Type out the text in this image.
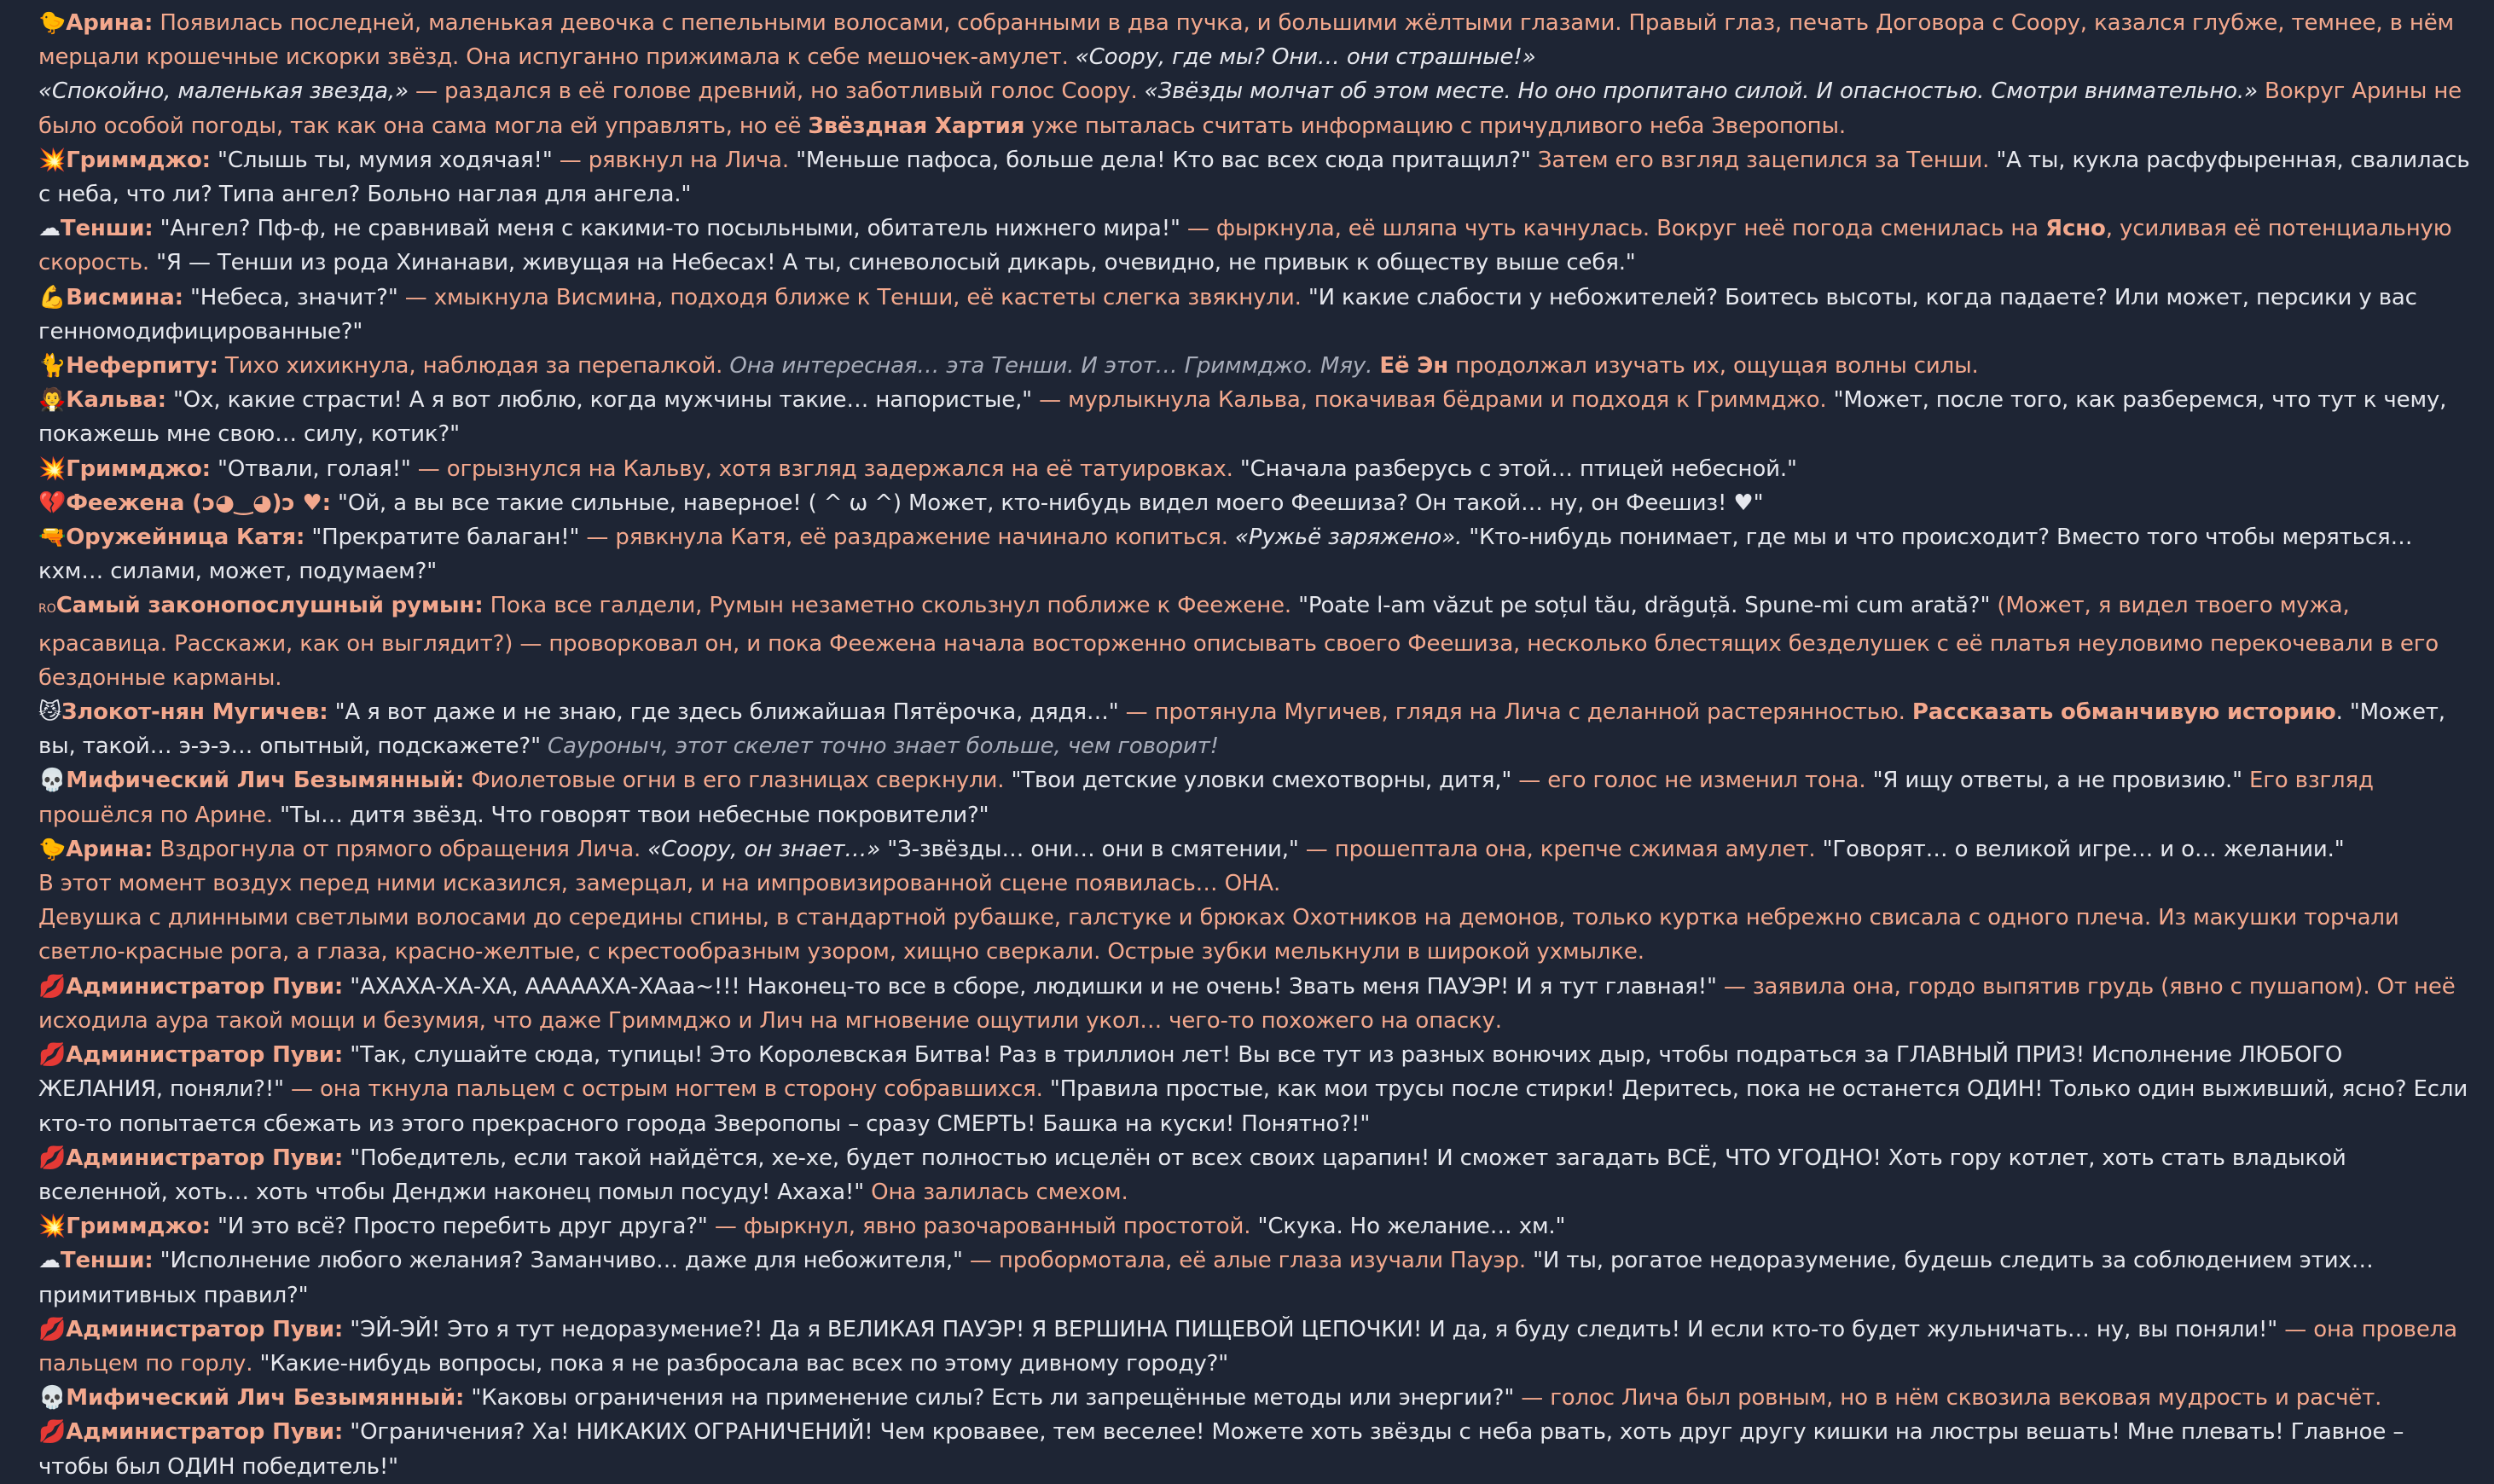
🐤Арина: Появилась последней, маленькая девочка с пепельными волосами, собранными в два пучка, и большими жёлтыми глазами. Правый глаз, печать Договора с Соору, казался глубже, темнее, в нём мерцали крошечные искорки звёзд. Она испуганно прижимала к себе мешочек-амулет. «Соору, где мы? Они… они страшные!»

«Спокойно, маленькая звезда,» — раздался в её голове древний, но заботливый голос Соору. «Звёзды молчат об этом месте. Но оно пропитано силой. И опасностью. Смотри внимательно.» Вокруг Арины не было особой погоды, так как она сама могла ей управлять, но её Звёздная Хартия уже пыталась считать информацию с причудливого неба Зверопопы.

💥Гриммджо: "Слышь ты, мумия ходячая!" — рявкнул на Лича. "Меньше пафоса, больше дела! Кто вас всех сюда притащил?" Затем его взгляд зацепился за Тенши. "А ты, кукла расфуфыренная, свалилась с неба, что ли? Типа ангел? Больно наглая для ангела."

☁Тенши: "Ангел? Пф-ф, не сравнивай меня с какими-то посыльными, обитатель нижнего мира!" — фыркнула, её шляпа чуть качнулась. Вокруг неё погода сменилась на Ясно, усиливая её потенциальную скорость. "Я — Тенши из рода Хинанави, живущая на Небесах! А ты, синеволосый дикарь, очевидно, не привык к обществу выше себя."

💪Висмина: "Небеса, значит?" — хмыкнула Висмина, подходя ближе к Тенши, её кастеты слегка звякнули. "И какие слабости у небожителей? Боитесь высоты, когда падаете? Или может, персики у вас генномодифицированные?"

🐈Неферпиту: Тихо хихикнула, наблюдая за перепалкой. Она интересная… эта Тенши. И этот… Гриммджо. Мяу. Её Эн продолжал изучать их, ощущая волны силы.

🧛Кальва: "Ох, какие страсти! А я вот люблю, когда мужчины такие… напористые," — мурлыкнула Кальва, покачивая бёдрами и подходя к Гриммджо. "Может, после того, как разберемся, что тут к чему, покажешь мне свою… силу, котик?"

💥Гриммджо: "Отвали, голая!" — огрызнулся на Кальву, хотя взгляд задержался на её татуировках. "Сначала разберусь с этой… птицей небесной."

💔Феежена (ↄ◕‿◕)ↄ ♥: "Ой, а вы все такие сильные, наверное! ( ^ ω ^) Может, кто-нибудь видел моего Феешиза? Он такой… ну, он Феешиз! ♥"

🔫Оружейница Катя: "Прекратите балаган!" — рявкнула Катя, её раздражение начинало копиться. «Ружьё заряжено». "Кто-нибудь понимает, где мы и что происходит? Вместо того чтобы меряться… кхм… силами, может, подумаем?"

ROСамый законопослушный румын: Пока все галдели, Румын незаметно скользнул поближе к Феежене. "Poate l-am văzut pe soțul tău, drăguță. Spune-mi cum arată?" (Может, я видел твоего мужа, красавица. Расскажи, как он выглядит?) — проворковал он, и пока Феежена начала восторженно описывать своего Феешиза, несколько блестящих безделушек с её платья неуловимо перекочевали в его бездонные карманы.

😼Злокот-нян Мугичев: "А я вот даже и не знаю, где здесь ближайшая Пятёрочка, дядя…" — протянула Мугичев, глядя на Лича с деланной растерянностью. Рассказать обманчивую историю. "Может, вы, такой… э-э-э… опытный, подскажете?" Сауроныч, этот скелет точно знает больше, чем говорит!

💀Мифический Лич Безымянный: Фиолетовые огни в его глазницах сверкнули. "Твои детские уловки смехотворны, дитя," — его голос не изменил тона. "Я ищу ответы, а не провизию." Его взгляд прошёлся по Арине. "Ты… дитя звёзд. Что говорят твои небесные покровители?"

🐤Арина: Вздрогнула от прямого обращения Лича. «Соору, он знает…» "З-звёзды… они… они в смятении," — прошептала она, крепче сжимая амулет. "Говорят… о великой игре… и о… желании."

В этот момент воздух перед ними исказился, замерцал, и на импровизированной сцене появилась… ОНА.

Девушка с длинными светлыми волосами до середины спины, в стандартной рубашке, галстуке и брюках Охотников на демонов, только куртка небрежно свисала с одного плеча. Из макушки торчали светло-красные рога, а глаза, красно-желтые, с крестообразным узором, хищно сверкали. Острые зубки мелькнули в широкой ухмылке.

💋Администратор Пуви: "АХАХА-ХА-ХА, АААААХА-ХАаа~!!! Наконец-то все в сборе, людишки и не очень! Звать меня ПАУЭР! И я тут главная!" — заявила она, гордо выпятив грудь (явно с пушапом). От неё исходила аура такой мощи и безумия, что даже Гриммджо и Лич на мгновение ощутили укол… чего-то похожего на опаску.

💋Администратор Пуви: "Так, слушайте сюда, тупицы! Это Королевская Битва! Раз в триллион лет! Вы все тут из разных вонючих дыр, чтобы подраться за ГЛАВНЫЙ ПРИЗ! Исполнение ЛЮБОГО ЖЕЛАНИЯ, поняли?!" — она ткнула пальцем с острым ногтем в сторону собравшихся. "Правила простые, как мои трусы после стирки! Деритесь, пока не останется ОДИН! Только один выживший, ясно? Если кто-то попытается сбежать из этого прекрасного города Зверопопы – сразу СМЕРТЬ! Башка на куски! Понятно?!"

💋Администратор Пуви: "Победитель, если такой найдётся, хе-хе, будет полностью исцелён от всех своих царапин! И сможет загадать ВСЁ, ЧТО УГОДНО! Хоть гору котлет, хоть стать владыкой вселенной, хоть… хоть чтобы Денджи наконец помыл посуду! Ахаха!" Она залилась смехом.

💥Гриммджо: "И это всё? Просто перебить друг друга?" — фыркнул, явно разочарованный простотой. "Скука. Но желание… хм."

☁Тенши: "Исполнение любого желания? Заманчиво… даже для небожителя," — пробормотала, её алые глаза изучали Пауэр. "И ты, рогатое недоразумение, будешь следить за соблюдением этих… примитивных правил?"

💋Администратор Пуви: "ЭЙ-ЭЙ! Это я тут недоразумение?! Да я ВЕЛИКАЯ ПАУЭР! Я ВЕРШИНА ПИЩЕВОЙ ЦЕПОЧКИ! И да, я буду следить! И если кто-то будет жульничать… ну, вы поняли!" — она провела пальцем по горлу. "Какие-нибудь вопросы, пока я не разбросала вас всех по этому дивному городу?"

💀Мифический Лич Безымянный: "Каковы ограничения на применение силы? Есть ли запрещённые методы или энергии?" — голос Лича был ровным, но в нём сквозила вековая мудрость и расчёт.

💋Администратор Пуви: "Ограничения? Ха! НИКАКИХ ОГРАНИЧЕНИЙ! Чем кровавее, тем веселее! Можете хоть звёзды с неба рвать, хоть друг другу кишки на люстры вешать! Мне плевать! Главное – чтобы был ОДИН победитель!"
